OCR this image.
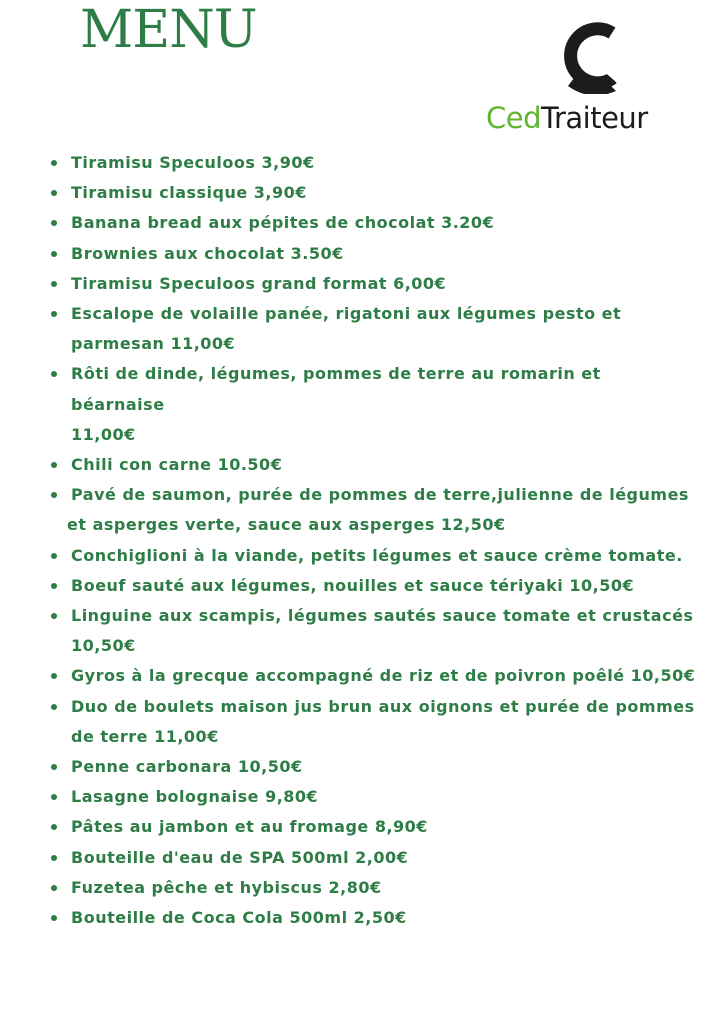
MENU
CedTraiteur
Tiramisu Speculoos 3,90€
Tiramisu classique 3,90€
Banana bread aux pépites de chocolat 3.20€
Brownies aux chocolat 3.50€
Tiramisu Speculoos grand format 6,00€
Escalope de volaille panée, rigatoni aux légumes pesto et
parmesan 11,00€
Rôti de dinde, légumes, pommes de terre au romarin et béarnaise
11,00€
Chili con carne 10.50€
Pavé de saumon, purée de pommes de terre,julienne de légumes
et asperges verte, sauce aux asperges 12,50€
Conchiglioni à la viande, petits légumes et sauce crème tomate.
Boeuf sauté aux légumes, nouilles et sauce tériyaki 10,50€
Linguine aux scampis, légumes sautés sauce tomate et crustacés
10,50€
Gyros à la grecque accompagné de riz et de poivron poêlé 10,50€
Duo de boulets maison jus brun aux oignons et purée de pommes
de terre 11,00€
Penne carbonara 10,50€
Lasagne bolognaise 9,80€
Pâtes au jambon et au fromage 8,90€
Bouteille d'eau de SPA 500ml 2,00€
Fuzetea pêche et hybiscus 2,80€
Bouteille de Coca Cola 500ml 2,50€
